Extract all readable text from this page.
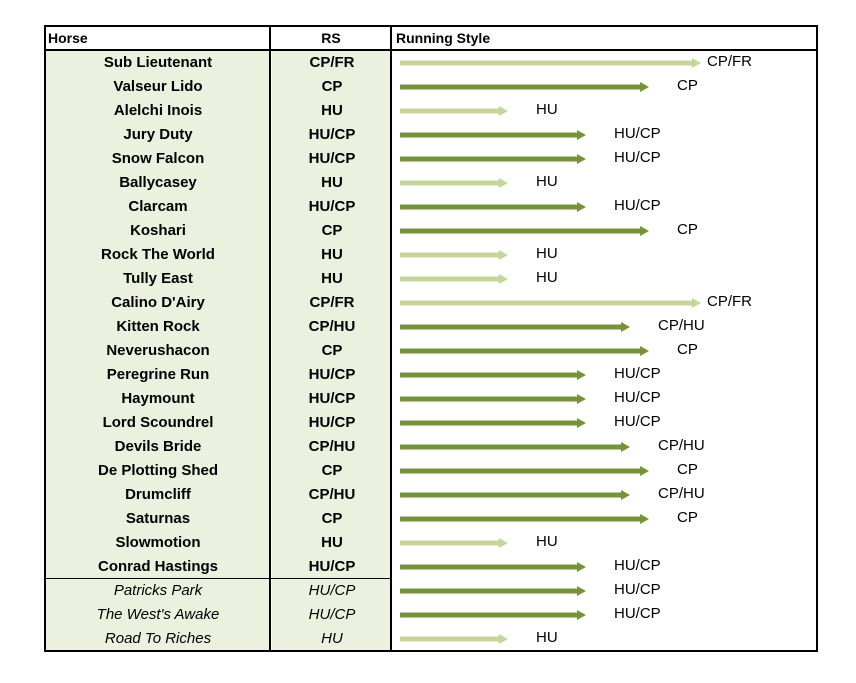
Horse	RS	Running Style
Sub Lieutenant	CP/FR	CP/FR
Valseur Lido	CP	CP
Alelchi Inois	HU	HU
Jury Duty	HU/CP	HU/CP
Snow Falcon	HU/CP	HU/CP
Ballycasey	HU	HU
Clarcam	HU/CP	HU/CP
Koshari	CP	CP
Rock The World	HU	HU
Tully East	HU	HU
Calino D'Airy	CP/FR	CP/FR
Kitten Rock	CP/HU	CP/HU
Neverushacon	CP	CP
Peregrine Run	HU/CP	HU/CP
Haymount	HU/CP	HU/CP
Lord Scoundrel	HU/CP	HU/CP
Devils Bride	CP/HU	CP/HU
De Plotting Shed	CP	CP
Drumcliff	CP/HU	CP/HU
Saturnas	CP	CP
Slowmotion	HU	HU
Conrad Hastings	HU/CP	HU/CP
Patricks Park	HU/CP	HU/CP
The West's Awake	HU/CP	HU/CP
Road To Riches	HU	HU
